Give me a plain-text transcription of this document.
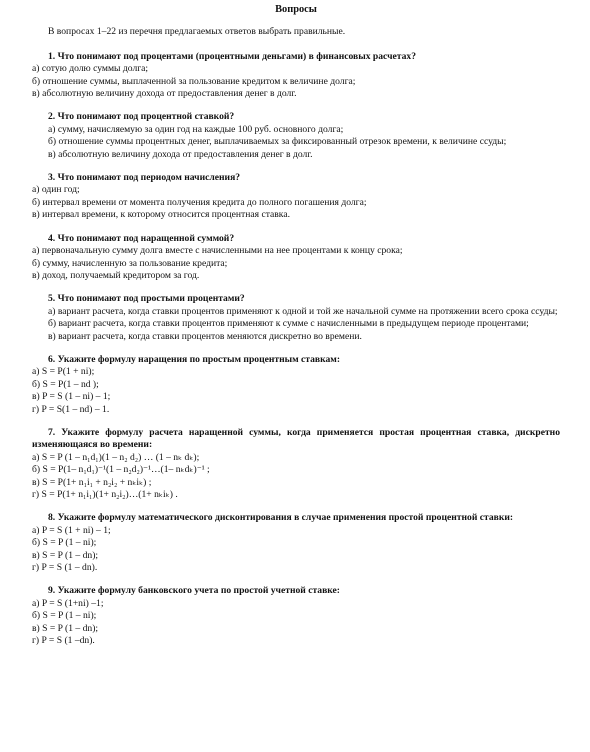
Вопросы
В вопросах 1–22 из перечня предлагаемых ответов выбрать правильные.
1. Что понимают под процентами (процентными деньгами) в финансовых расчетах?
а) сотую долю суммы долга;
б) отношение суммы, выплаченной за пользование кредитом к величине долга;
в) абсолютную величину дохода от предоставления денег в долг.
2. Что понимают под процентной ставкой?
а) сумму, начисляемую за один год на каждые 100 руб. основного долга;
б) отношение суммы процентных денег, выплачиваемых за фиксированный отрезок времени, к величине ссуды;
в) абсолютную величину дохода от предоставления денег в долг.
3. Что понимают под периодом начисления?
а) один год;
б) интервал времени от момента получения кредита до полного погашения долга;
в) интервал времени, к которому относится процентная ставка.
4. Что понимают под наращенной суммой?
а) первоначальную сумму долга вместе с начисленными на нее процентами к концу срока;
б) сумму, начисленную за пользование кредита;
в) доход, получаемый кредитором за год.
5. Что понимают под простыми процентами?
а) вариант расчета, когда ставки процентов применяют к одной и той же начальной сумме на протяжении всего срока ссуды;
б) вариант расчета, когда ставки процентов применяют к сумме с начисленными в предыдущем периоде процентами;
в) вариант расчета, когда ставки процентов меняются дискретно во времени.
6. Укажите формулу наращения по простым процентным ставкам:
а) S = P(1 + ni);
б) S = P(1 – nd );
в) P = S (1 – ni) – 1;
г) P = S(1 – nd) – 1.
7. Укажите формулу расчета наращенной суммы, когда применяется простая процентная ставка, дискретно изменяющаяся во времени:
а) S = P (1 – n₁d₁)(1 – n₂ d₂) … (1 – nₖ dₖ);
б) S = P(1– n₁d₁)⁻¹(1 – n₂d₂)⁻¹…(1– nₖdₖ)⁻¹ ;
в) S = P(1+ n₁i₁ + n₂i₂ + nₖiₖ) ;
г) S = P(1+ n₁i₁)(1+ n₂i₂)…(1+ nₖiₖ) .
8. Укажите формулу математического дисконтирования в случае применения простой процентной ставки:
а) P = S (1 + ni) – 1;
б) S = P (1 – ni);
в) S = P (1 – dn);
г) P = S (1 – dn).
9. Укажите формулу банковского учета по простой учетной ставке:
а) P = S (1+ni) –1;
б) S = P (1 – ni);
в) S = P (1 – dn);
г) P = S (1 –dn).
